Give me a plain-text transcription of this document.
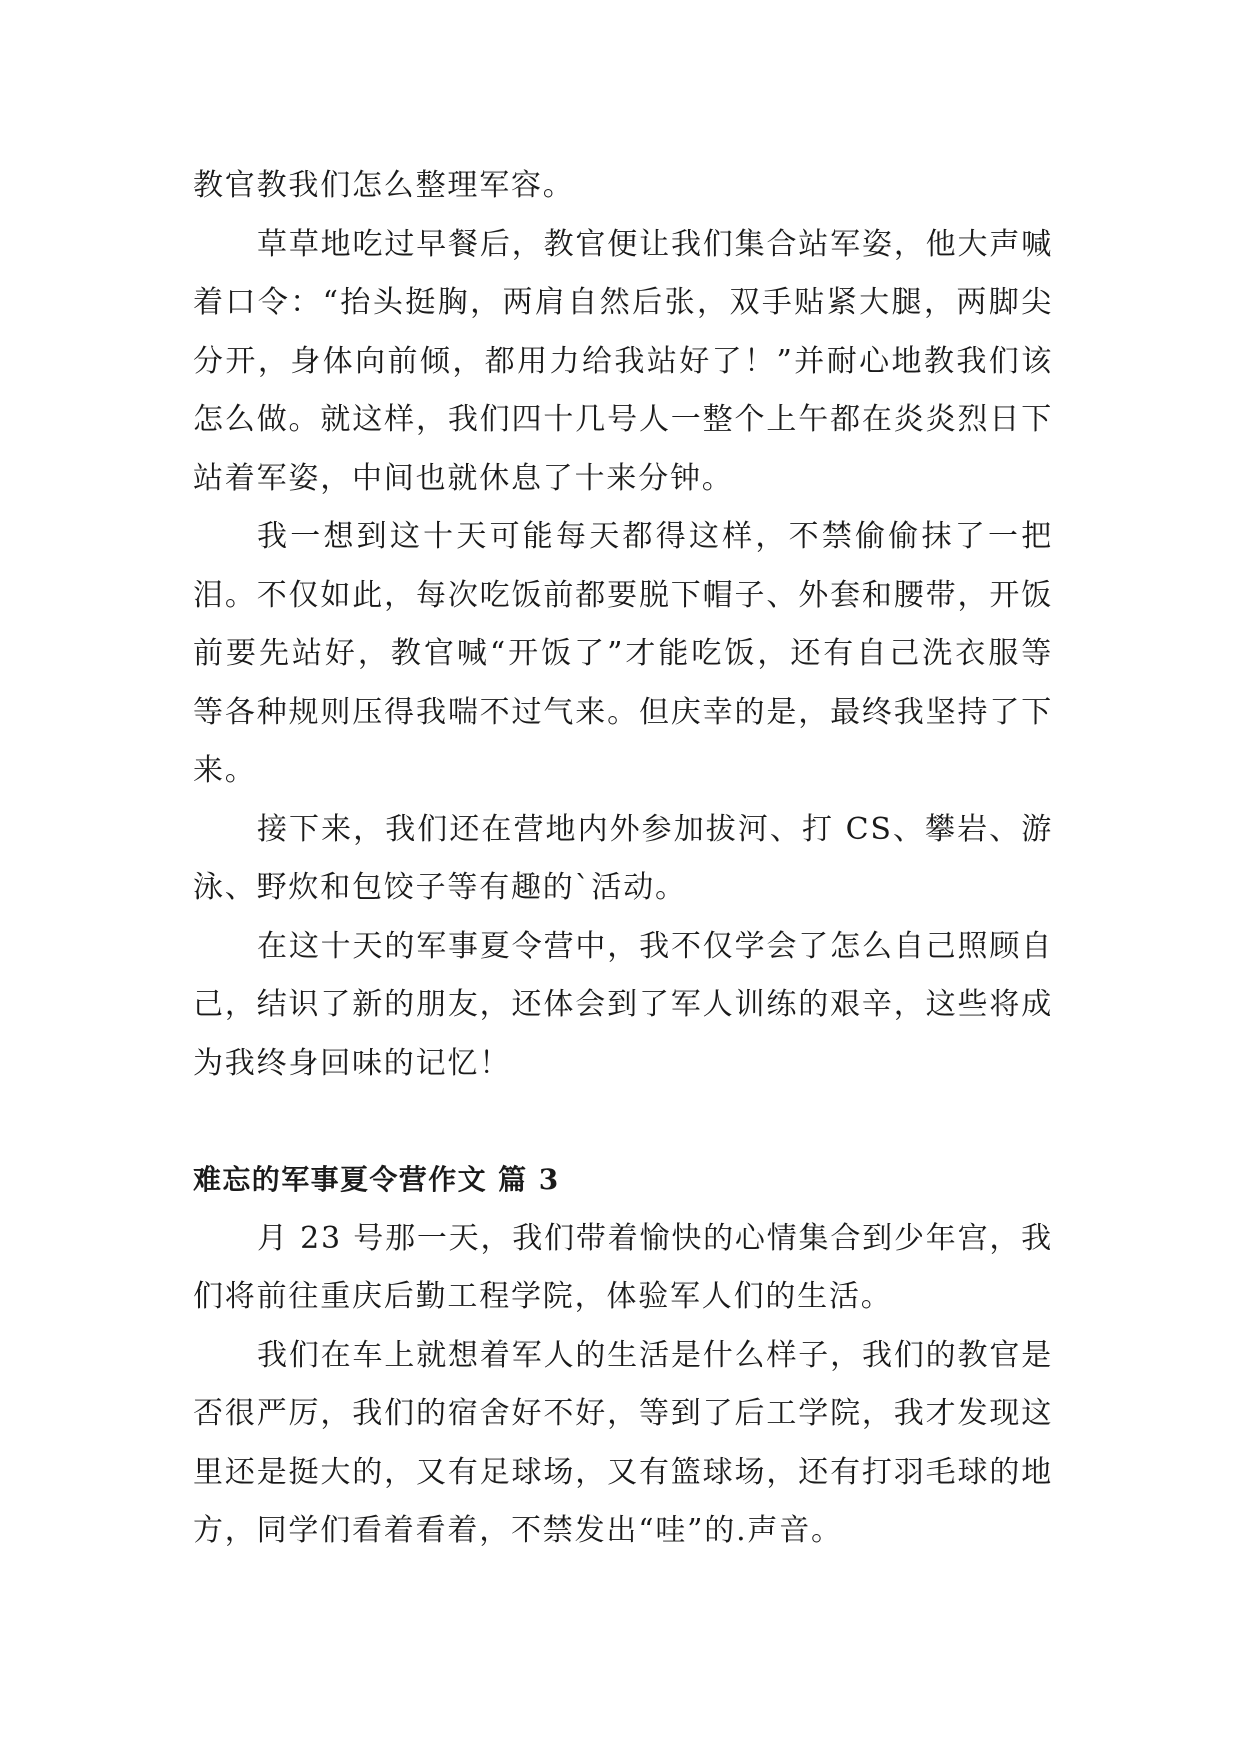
教官教我们怎么整理军容。

草草地吃过早餐后，教官便让我们集合站军姿，他大声喊着口令：“抬头挺胸，两肩自然后张，双手贴紧大腿，两脚尖分开，身体向前倾，都用力给我站好了！”并耐心地教我们该怎么做。就这样，我们四十几号人一整个上午都在炎炎烈日下站着军姿，中间也就休息了十来分钟。

我一想到这十天可能每天都得这样，不禁偷偷抹了一把泪。不仅如此，每次吃饭前都要脱下帽子、外套和腰带，开饭前要先站好，教官喊“开饭了”才能吃饭，还有自己洗衣服等等各种规则压得我喘不过气来。但庆幸的是，最终我坚持了下来。

接下来，我们还在营地内外参加拔河、打 CS、攀岩、游泳、野炊和包饺子等有趣的`活动。

在这十天的军事夏令营中，我不仅学会了怎么自己照顾自己，结识了新的朋友，还体会到了军人训练的艰辛，这些将成为我终身回味的记忆！

难忘的军事夏令营作文 篇 3

月 23 号那一天，我们带着愉快的心情集合到少年宫，我们将前往重庆后勤工程学院，体验军人们的生活。

我们在车上就想着军人的生活是什么样子，我们的教官是否很严厉，我们的宿舍好不好，等到了后工学院，我才发现这里还是挺大的，又有足球场，又有篮球场，还有打羽毛球的地方，同学们看着看着，不禁发出“哇”的.声音。
